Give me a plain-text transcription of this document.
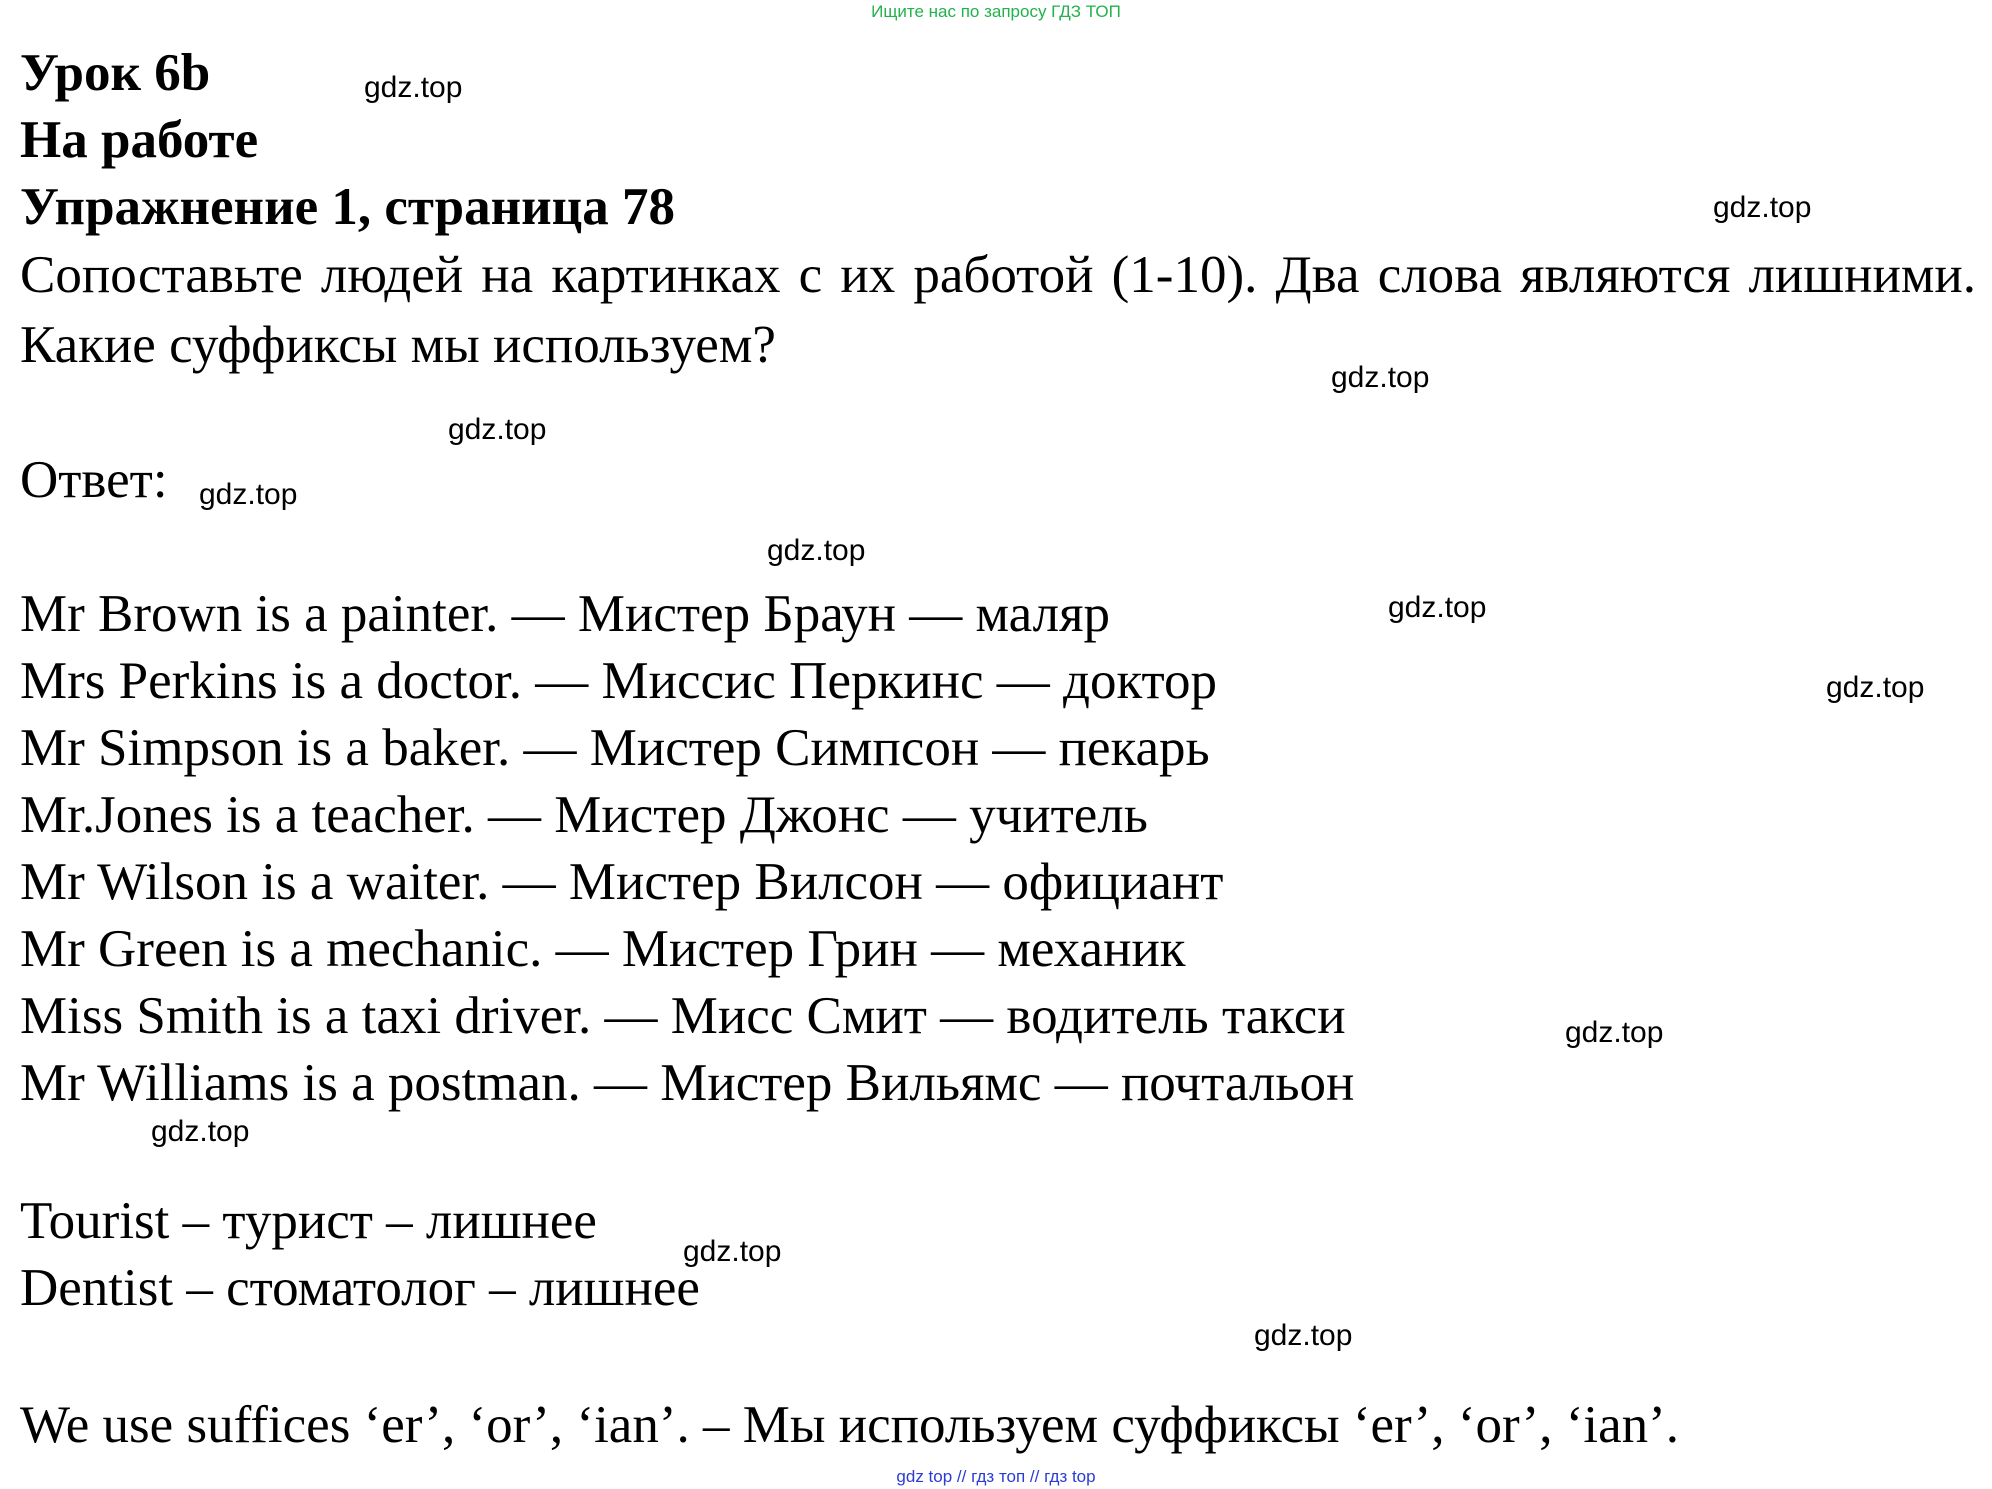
Ищите нас по запросу ГДЗ ТОП
Урок 6b
На работе
Упражнение 1, страница 78
Сопоставьте людей на картинках с их работой (1-10). Два слова являются лишними. Какие суффиксы мы используем?
Ответ:
Mr Brown is a painter. — Мистер Браун — маляр
Mrs Perkins is a doctor. — Миссис Перкинс — доктор
Mr Simpson is a baker. — Мистер Симпсон — пекарь
Mr.Jones is a teacher. — Мистер Джонс — учитель
Mr Wilson is a waiter. — Мистер Вилсон — официант
Mr Green is a mechanic. — Мистер Грин — механик
Miss Smith is a taxi driver. — Мисс Смит — водитель такси
Mr Williams is a postman. — Мистер Вильямс — почтальон
Tourist – турист – лишнее
Dentist – стоматолог – лишнее
We use suffices ‘er’, ‘or’, ‘ian’. – Мы используем суффиксы ‘er’, ‘or’, ‘ian’.
gdz.top
gdz.top
gdz.top
gdz.top
gdz.top
gdz.top
gdz.top
gdz.top
gdz.top
gdz.top
gdz.top
gdz.top
gdz top // гдз топ // гдз top
